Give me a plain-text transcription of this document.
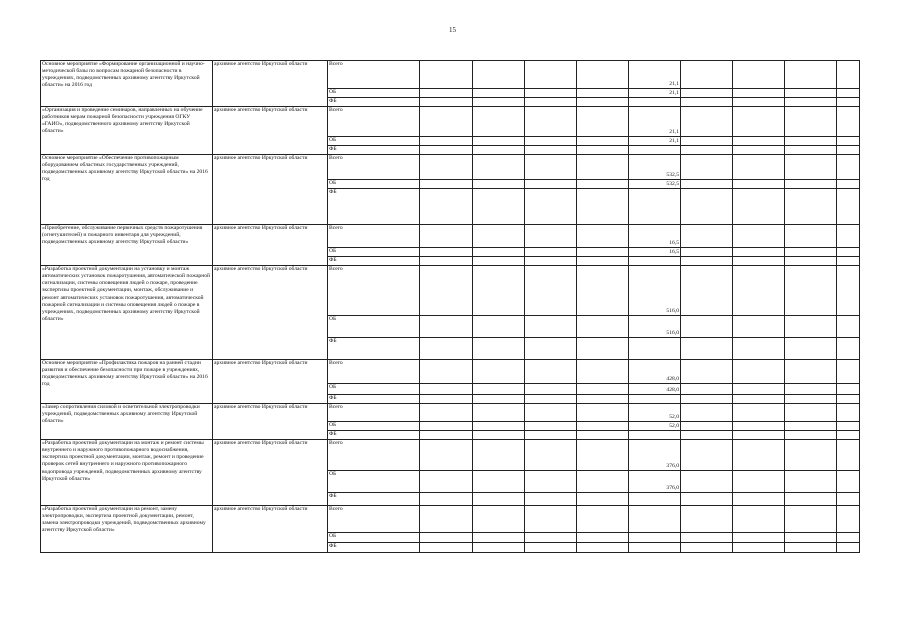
15
Основное мероприятие «Формирование организационной и научно-методической базы по вопросам пожарной безопасности в учреждениях, подведомственных архивному агентству Иркутской области» на 2016 год	архивное агентство Иркутской области	Всего					21,1				
		ОБ					21,1				
		ФБ									
«Организация и проведение семинаров, направленных на обучение работников мерам пожарной безопасности учреждения ОГКУ «ГАИО», подведомственного архивному агентству Иркутской области»	архивное агентство Иркутской области	Всего					21,1				
		ОБ					21,1				
		ФБ									
Основное мероприятие «Обеспечение противопожарным оборудованием областных государственных учреждений, подведомственных архивному агентству Иркутской области» на 2016 год	архивное агентство Иркутской области	Всего					532,5				
		ОБ					532,5				
		ФБ									
«Приобретение, обслуживание первичных средств пожаротушения (огнетушителей) и пожарного инвентаря для учреждений, подведомственных архивному агентству Иркутской области»	архивное агентство Иркутской области	Всего					16,5				
		ОБ					16,5				
		ФБ									
«Разработка проектной документации на установку и монтаж автоматических установок пожаротушения, автоматической пожарной сигнализации, системы оповещения людей о пожаре, проведение экспертизы проектной документации, монтаж, обслуживание и ремонт автоматических установок пожаротушения, автоматической пожарной сигнализации и системы оповещения людей о пожаре в учреждениях, подведомственных архивному агентству Иркутской области»	архивное агентство Иркутской области	Всего					516,0				
		ОБ					516,0				
		ФБ									
Основное мероприятие «Профилактика пожаров на ранней стадии развития и обеспечение безопасности при пожаре в учреждениях, подведомственных архивному агентству Иркутской области» на 2016 год	архивное агентство Иркутской области	Всего					428,0				
		ОБ					428,0				
		ФБ									
«Замер сопротивления силовой и осветительной электропроводки учреждений, подведомственных архивному агентству Иркутской области»	архивное агентство Иркутской области	Всего					52,0				
		ОБ					52,0				
		ФБ									
«Разработка проектной документации на монтаж и ремонт системы внутреннего и наружного противопожарного водоснабжения, экспертиза проектной документации, монтаж, ремонт и проведение проверок сетей внутреннего и наружного противопожарного водопровода учреждений, подведомственных архивному агентству Иркутской области»	архивное агентство Иркутской области	Всего					376,0				
		ОБ					376,0				
		ФБ									
«Разработка проектной документации на ремонт, замену электропроводки, экспертиза проектной документации, ремонт, замена электропроводки учреждений, подведомственных архивному агентству Иркутской области»	архивное агентство Иркутской области	Всего									
		ОБ									
		ФБ									
